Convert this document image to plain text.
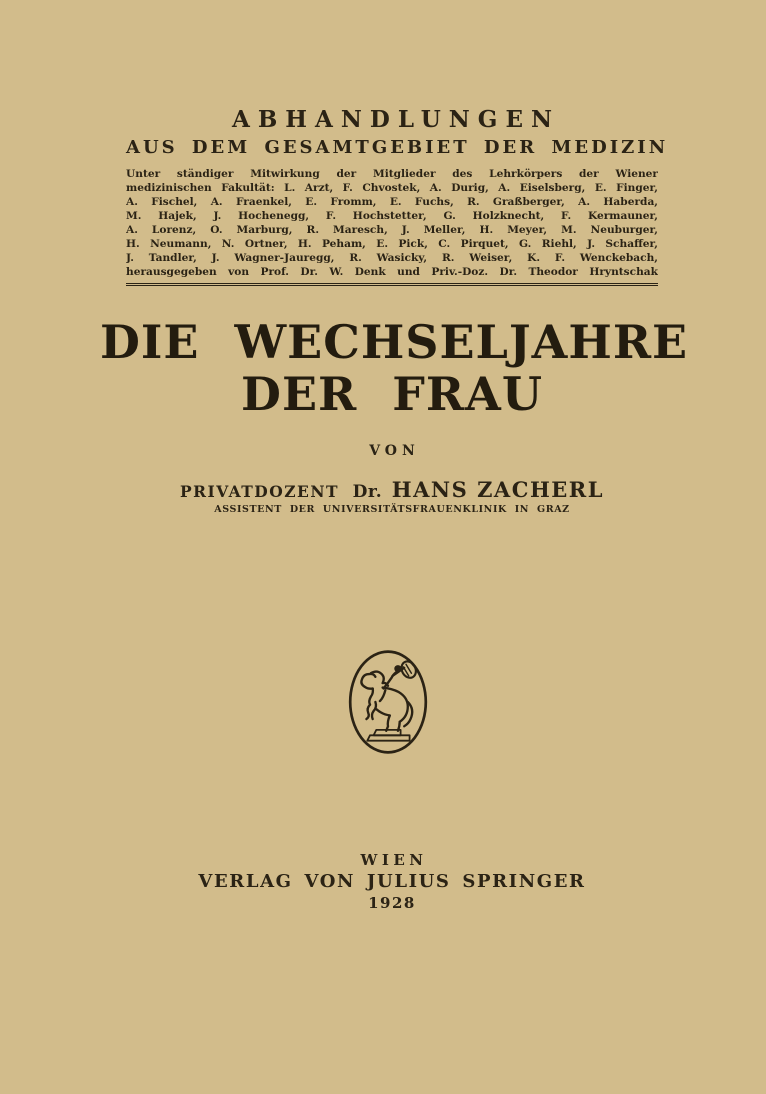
ABHANDLUNGEN
AUS DEM GESAMTGEBIET DER MEDIZIN
Unter ständiger Mitwirkung der Mitglieder des Lehrkörpers der Wiener
medizinischen Fakultät: L. Arzt, F. Chvostek, A. Durig, A. Eiselsberg, E. Finger,
A. Fischel, A. Fraenkel, E. Fromm, E. Fuchs, R. Graßberger, A. Haberda,
M. Hajek, J. Hochenegg, F. Hochstetter, G. Holzknecht, F. Kermauner,
A. Lorenz, O. Marburg, R. Maresch, J. Meller, H. Meyer, M. Neuburger,
H. Neumann, N. Ortner, H. Peham, E. Pick, C. Pirquet, G. Riehl, J. Schaffer,
J. Tandler, J. Wagner-Jauregg, R. Wasicky, R. Weiser, K. F. Wenckebach,
herausgegeben von Prof. Dr. W. Denk und Priv.-Doz. Dr. Theodor Hryntschak
DIE WECHSELJAHRE
DER FRAU
VON
PRIVATDOZENT Dr. HANS ZACHERL
ASSISTENT DER UNIVERSITÄTSFRAUENKLINIK IN GRAZ
WIEN
VERLAG VON JULIUS SPRINGER
1928
